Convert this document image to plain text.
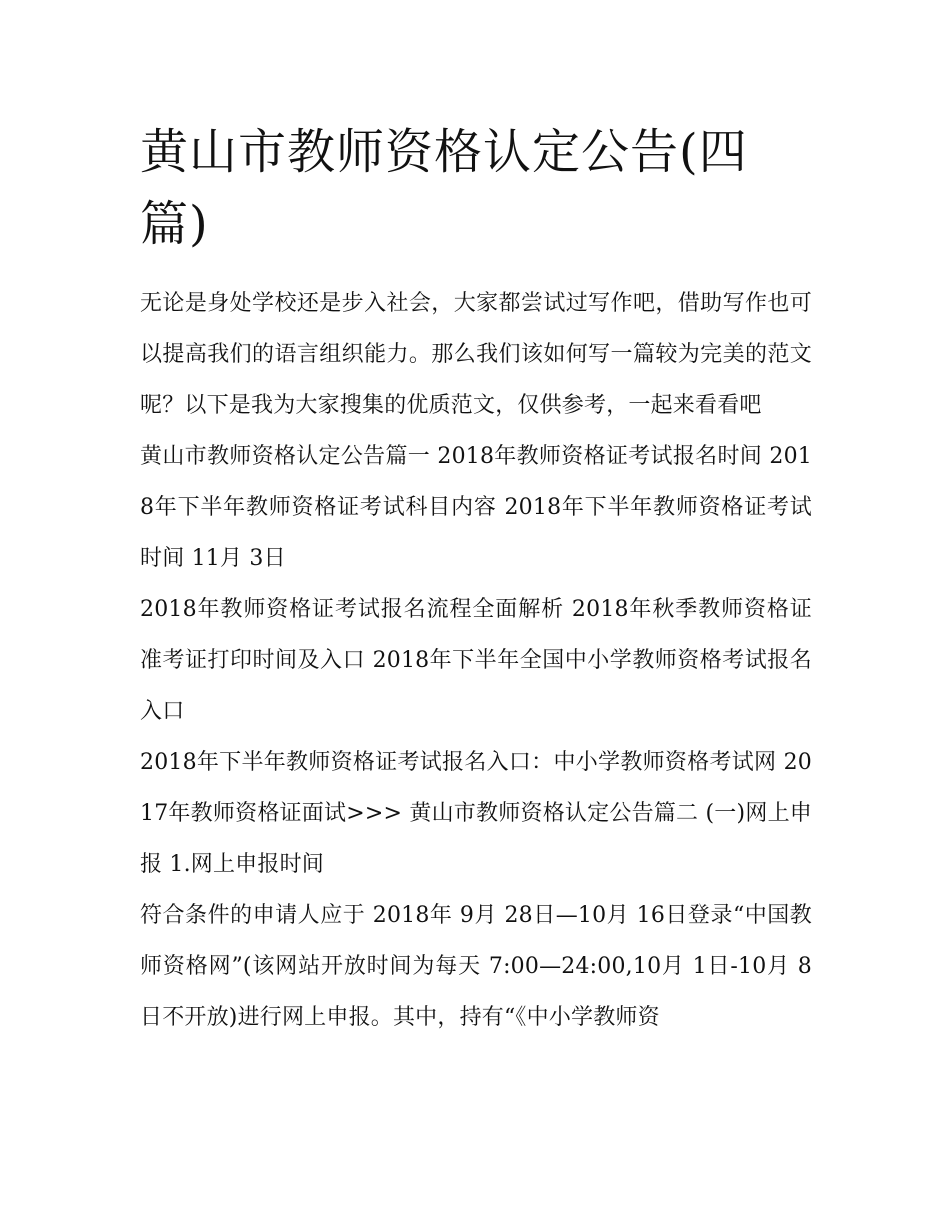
黄山市教师资格认定公告(四篇)

无论是身处学校还是步入社会，大家都尝试过写作吧，借助写作也可以提高我们的语言组织能力。那么我们该如何写一篇较为完美的范文呢？以下是我为大家搜集的优质范文，仅供参考，一起来看看吧

黄山市教师资格认定公告篇一 2018年教师资格证考试报名时间 2018年下半年教师资格证考试科目内容 2018年下半年教师资格证考试时间 11月 3日

2018年教师资格证考试报名流程全面解析 2018年秋季教师资格证准考证打印时间及入口 2018年下半年全国中小学教师资格考试报名入口

2018年下半年教师资格证考试报名入口：中小学教师资格考试网 2017年教师资格证面试>>> 黄山市教师资格认定公告篇二 (一)网上申报 1.网上申报时间

符合条件的申请人应于 2018年 9月 28日—10月 16日登录“中国教师资格网”(该网站开放时间为每天 7:00—24:00,10月 1日-10月 8日不开放)进行网上申报。其中，持有“《中小学教师资
